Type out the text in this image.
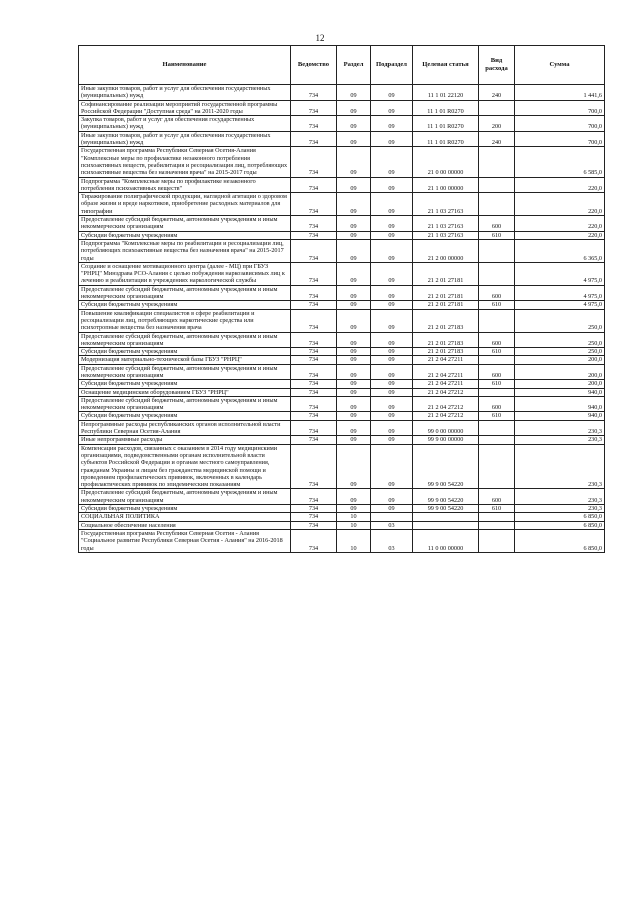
12
Наименование	Ведомство	Раздел	Подраздел	Целевая статья	Вид расхода	Сумма
Иные закупки товаров, работ и услуг для обеспечения государственных (муниципальных) нужд	734	09	09	11 1 01 22120	240	1 441,6
Софинансирование реализации мероприятий государственной программы Российской Федерации "Доступная среда" на 2011-2020 годы	734	09	09	11 1 01 R0270		700,0
Закупка товаров, работ и услуг для обеспечения государственных (муниципальных) нужд	734	09	09	11 1 01 R0270	200	700,0
Иные закупки товаров, работ и услуг для обеспечения государственных (муниципальных) нужд	734	09	09	11 1 01 R0270	240	700,0
Государственная программа Республики Северная Осетия-Алания "Комплексные меры по профилактике незаконного потребления психоактивных веществ, реабилитация и ресоциализация лиц, потребляющих психоактивные вещества без назначения врача" на 2015-2017 годы	734	09	09	21 0 00 00000		6 585,0
Подпрограмма "Комплексные меры по профилактике незаконного потребления психоактивных веществ"	734	09	09	21 1 00 00000		220,0
Тиражирование полиграфической продукции, наглядной агитации о здоровом образе жизни и вреде наркотиков, приобретение расходных материалов для типографии	734	09	09	21 1 03 27163		220,0
Предоставление субсидий бюджетным, автономным учреждениям и иным некоммерческим организациям	734	09	09	21 1 03 27163	600	220,0
Субсидии бюджетным учреждениям	734	09	09	21 1 03 27163	610	220,0
Подпрограмма "Комплексные меры по реабилитации и ресоциализации лиц, потребляющих психоактивные вещества без назначения врача" на 2015-2017 годы	734	09	09	21 2 00 00000		6 365,0
Создание и оснащение мотивационного центра (далее - МЦ) при ГБУЗ "РНРЦ" Минздрава РСО-Алания с целью побуждения наркозависимых лиц к лечению и реабилитации в учреждениях наркологической службы	734	09	09	21 2 01 27181		4 975,0
Предоставление субсидий бюджетным, автономным учреждениям и иным некоммерческим организациям	734	09	09	21 2 01 27181	600	4 975,0
Субсидии бюджетным учреждениям	734	09	09	21 2 01 27181	610	4 975,0
Повышение квалификации специалистов в сфере реабилитации и ресоциализации лиц, потребляющих наркотические средства или психотропные вещества без назначения врача	734	09	09	21 2 01 27183		250,0
Предоставление субсидий бюджетным, автономным учреждениям и иным некоммерческим организациям	734	09	09	21 2 01 27183	600	250,0
Субсидии бюджетным учреждениям	734	09	09	21 2 01 27183	610	250,0
Модернизация материально-технической базы ГБУЗ "РНРЦ"	734	09	09	21 2 04 27211		200,0
Предоставление субсидий бюджетным, автономным учреждениям и иным некоммерческим организациям	734	09	09	21 2 04 27211	600	200,0
Субсидии бюджетным учреждениям	734	09	09	21 2 04 27211	610	200,0
Оснащение медицинским оборудованием ГБУЗ "РНРЦ"	734	09	09	21 2 04 27212		940,0
Предоставление субсидий бюджетным, автономным учреждениям и иным некоммерческим организациям	734	09	09	21 2 04 27212	600	940,0
Субсидии бюджетным учреждениям	734	09	09	21 2 04 27212	610	940,0
Непрограммные расходы республиканских органов исполнительной власти Республики Северная Осетия-Алания	734	09	09	99 0 00 00000		230,3
Иные непрограммные расходы	734	09	09	99 9 00 00000		230,3
Компенсация расходов, связанных с оказанием в 2014 году медицинскими организациями, подведомственными органам исполнительной власти субъектов Российской Федерации и органам местного самоуправления, гражданам Украины и лицам без гражданства медицинской помощи и проведением профилактических прививок, включенных в календарь профилактических прививок по эпидемическим показаниям	734	09	09	99 9 00 54220		230,3
Предоставление субсидий бюджетным, автономным учреждениям и иным некоммерческим организациям	734	09	09	99 9 00 54220	600	230,3
Субсидии бюджетным учреждениям	734	09	09	99 9 00 54220	610	230,3
СОЦИАЛЬНАЯ ПОЛИТИКА	734	10				6 850,0
Социальное обеспечение населения	734	10	03			6 850,0
Государственная программа Республики Северная Осетия - Алания "Социальное развитие Республики Северная Осетия - Алания" на 2016-2018 годы	734	10	03	11 0 00 00000		6 850,0
